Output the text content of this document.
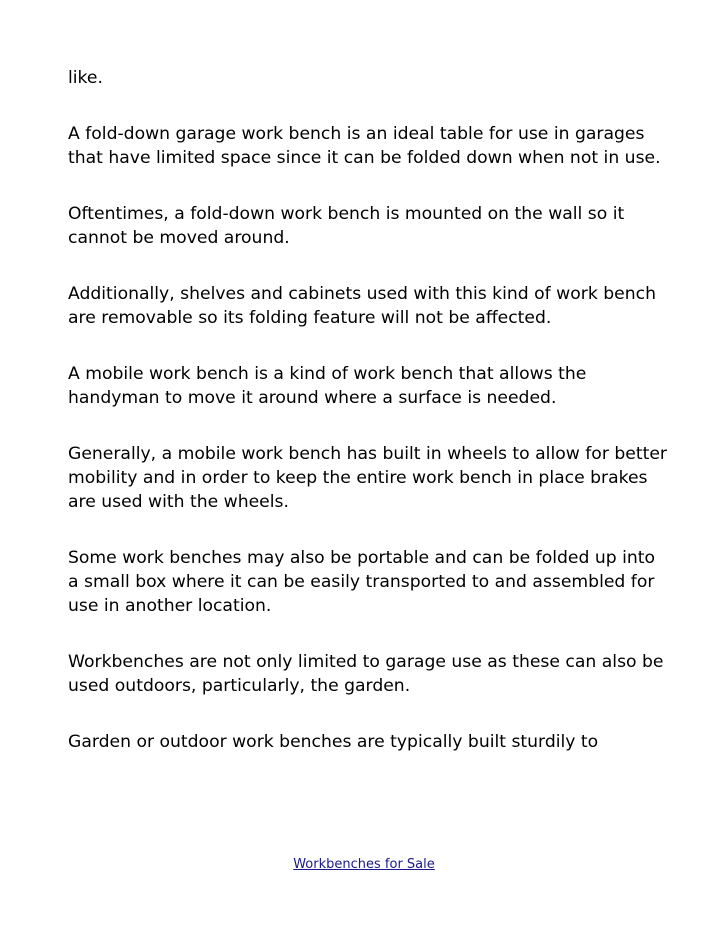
like.

A fold-down garage work bench is an ideal table for use in garages that have limited space since it can be folded down when not in use.

Oftentimes, a fold-down work bench is mounted on the wall so it cannot be moved around.

Additionally, shelves and cabinets used with this kind of work bench are removable so its folding feature will not be affected.

A mobile work bench is a kind of work bench that allows the handyman to move it around where a surface is needed.

Generally, a mobile work bench has built in wheels to allow for better mobility and in order to keep the entire work bench in place brakes are used with the wheels.

Some work benches may also be portable and can be folded up into a small box where it can be easily transported to and assembled for use in another location.

Workbenches are not only limited to garage use as these can also be used outdoors, particularly, the garden.

Garden or outdoor work benches are typically built sturdily to

Workbenches for Sale
